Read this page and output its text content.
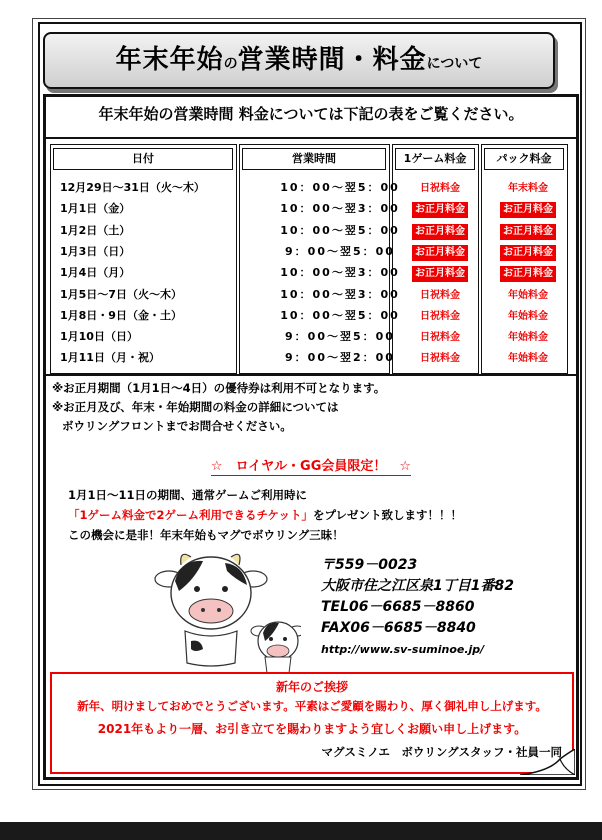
年末年始の営業時間・料金について
年末年始の営業時間 料金については下記の表をご覧ください。
日付	営業時間	1ゲーム料金	パック料金
12月29日～31日（火～木）	10：00～翌5：00	日祝料金	年末料金
1月1日（金）	10：00～翌3：00	お正月料金	お正月料金
1月2日（土）	10：00～翌5：00	お正月料金	お正月料金
1月3日（日）	9：00～翌5：00	お正月料金	お正月料金
1月4日（月）	10：00～翌3：00	お正月料金	お正月料金
1月5日～7日（火～木）	10：00～翌3：00	日祝料金	年始料金
1月8日・9日（金・土）	10：00～翌5：00	日祝料金	年始料金
1月10日（日）	9：00～翌5：00	日祝料金	年始料金
1月11日（月・祝）	9：00～翌2：00	日祝料金	年始料金
※お正月期間（1月1日～4日）の優待券は利用不可となります。
※お正月及び、年末・年始期間の料金の詳細については
ボウリングフロントまでお問合せください。
☆　ロイヤル・GG会員限定！　☆
1月1日～11日の期間、通常ゲームご利用時に
「1ゲーム料金で2ゲーム利用できるチケット」をプレゼント致します！！！
この機会に是非！年末年始もマグでボウリング三昧！
〒559－0023
大阪市住之江区泉1丁目1番82
TEL06－6685－8860
FAX06－6685－8840
http://www.sv-suminoe.jp/
新年のご挨拶
新年、明けましておめでとうございます。平素はご愛顧を賜わり、厚く御礼申し上げます。
2021年もより一層、お引き立てを賜わりますよう宜しくお願い申し上げます。
マグスミノエ　ボウリングスタッフ・社員一同
